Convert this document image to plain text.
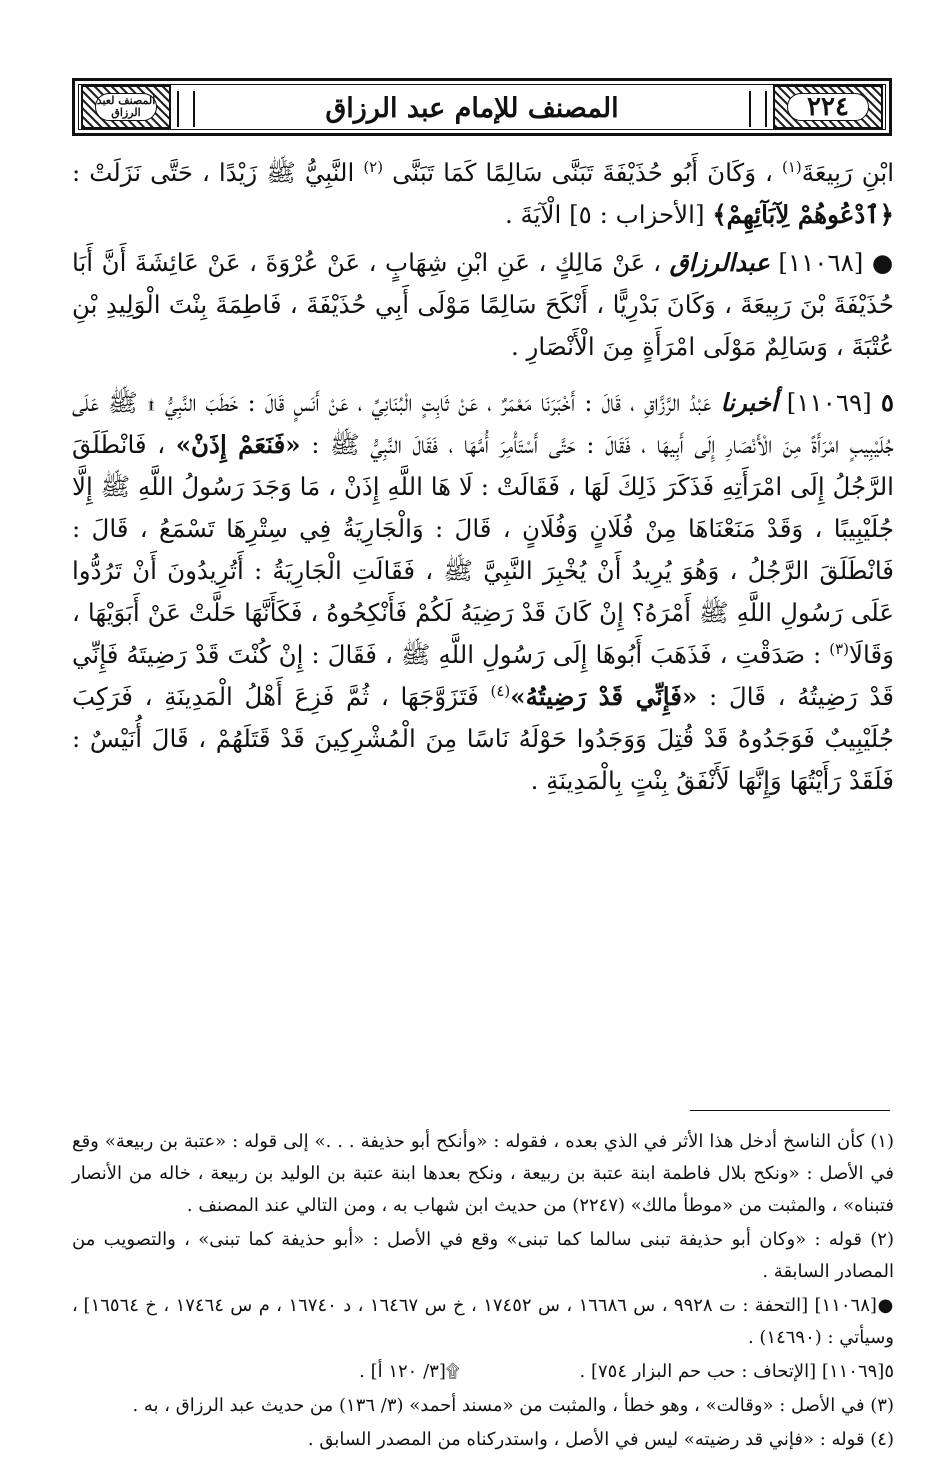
المصنف لعبد الرزاق	المصنف للإمام عبد الرزاق	٢٢٤

ابْنِ رَبِيعَةَ$^{(١)}$ ، وَكَانَ أَبُو حُذَيْفَةَ تَبَنَّى سَالِمًا كَمَا تَبَنَّى $^{(٢)}$ النَّبِيُّ ﷺ زَيْدًا ، حَتَّى نَزَلَتْ : ﴿ٱدْعُوهُمْ لِآبَآئِهِمْ﴾ [الأحزاب : ٥] الْآيَةَ .

● [١١٠٦٨] عبدالرزاق ، عَنْ مَالِكٍ ، عَنِ ابْنِ شِهَابٍ ، عَنْ عُرْوَةَ ، عَنْ عَائِشَةَ أَنَّ أَبَا حُذَيْفَةَ بْنَ رَبِيعَةَ ، وَكَانَ بَدْرِيًّا ، أَنْكَحَ سَالِمًا مَوْلَى أَبِي حُذَيْفَةَ ، فَاطِمَةَ بِنْتَ الْوَلِيدِ بْنِ عُتْبَةَ ، وَسَالِمٌ مَوْلَى امْرَأَةٍ مِنَ الْأَنْصَارِ .

٥ [١١٠٦٩] أخبرنا عَبْدُ الرَّزَّاقِ ، قَالَ : أَخْبَرَنَا مَعْمَرٌ ، عَنْ ثَابِتٍ الْبُنَانِيِّ ، عَنْ أَنَسٍ قَالَ : خَطَبَ النَّبِيُّ ۩ ﷺ عَلَى جُلَيْبِيبٍ امْرَأَةً مِنَ الْأَنْصَارِ إِلَى أَبِيهَا ، فَقَالَ : حَتَّى أَسْتَأْمِرَ أُمَّهَا ، فَقَالَ النَّبِيُّ ﷺ : «فَنَعَمْ إِذَنْ» ، فَانْطَلَقَ الرَّجُلُ إِلَى امْرَأَتِهِ فَذَكَرَ ذَلِكَ لَهَا ، فَقَالَتْ : لَا هَا اللَّهِ إِذَنْ ، مَا وَجَدَ رَسُولُ اللَّهِ ﷺ إِلَّا جُلَيْبِيبًا ، وَقَدْ مَنَعْنَاهَا مِنْ فُلَانٍ وَفُلَانٍ ، قَالَ : وَالْجَارِيَةُ فِي سِتْرِهَا تَسْمَعُ ، قَالَ : فَانْطَلَقَ الرَّجُلُ ، وَهُوَ يُرِيدُ أَنْ يُخْبِرَ النَّبِيَّ ﷺ ، فَقَالَتِ الْجَارِيَةُ : أَتُرِيدُونَ أَنْ تَرُدُّوا عَلَى رَسُولِ اللَّهِ ﷺ أَمْرَهُ؟ إِنْ كَانَ قَدْ رَضِيَهُ لَكُمْ فَأَنْكِحُوهُ ، فَكَأَنَّهَا حَلَّتْ عَنْ أَبَوَيْهَا ، وَقَالَا$^{(٣)}$ : صَدَقْتِ ، فَذَهَبَ أَبُوهَا إِلَى رَسُولِ اللَّهِ ﷺ ، فَقَالَ : إِنْ كُنْتَ قَدْ رَضِيتَهُ فَإِنِّي قَدْ رَضِيتُهُ ، قَالَ : «فَإِنِّي قَدْ رَضِيتُهُ»$^{(٤)}$ فَتَزَوَّجَهَا ، ثُمَّ فَزِعَ أَهْلُ الْمَدِينَةِ ، فَرَكِبَ جُلَيْبِيبٌ فَوَجَدُوهُ قَدْ قُتِلَ وَوَجَدُوا حَوْلَهُ نَاسًا مِنَ الْمُشْرِكِينَ قَدْ قَتَلَهُمْ ، قَالَ أُنَيْسٌ : فَلَقَدْ رَأَيْتُهَا وَإِنَّهَا لَأَنْفَقُ بِنْتٍ بِالْمَدِينَةِ .

(١) كأن الناسخ أدخل هذا الأثر في الذي بعده ، فقوله : «وأنكح أبو حذيفة . . .» إلى قوله : «عتبة بن ربيعة» وقع في الأصل : «ونكح بلال فاطمة ابنة عتبة بن ربيعة ، ونكح بعدها ابنة عتبة بن الوليد بن ربيعة ، خاله من الأنصار فتبناه» ، والمثبت من «موطأ مالك» (٢٢٤٧) من حديث ابن شهاب به ، ومن التالي عند المصنف .

(٢) قوله : «وكان أبو حذيفة تبنى سالما كما تبنى» وقع في الأصل : «أبو حذيفة كما تبنى» ، والتصويب من المصادر السابقة .

●[١١٠٦٨] [التحفة : ت ٩٩٢٨ ، س ١٦٦٨٦ ، س ١٧٤٥٢ ، خ س ١٦٤٦٧ ، د ١٦٧٤٠ ، م س ١٧٤٦٤ ، خ ١٦٥٦٤] ، وسيأتي : (١٤٦٩٠) .

٥[١١٠٦٩] [الإتحاف : حب حم البزار ٧٥٤] .
۩[٣/ ١٢٠ أ] .

(٣) في الأصل : «وقالت» ، وهو خطأ ، والمثبت من «مسند أحمد» (٣/ ١٣٦) من حديث عبد الرزاق ، به .

(٤) قوله : «فإني قد رضيته» ليس في الأصل ، واستدركناه من المصدر السابق .
